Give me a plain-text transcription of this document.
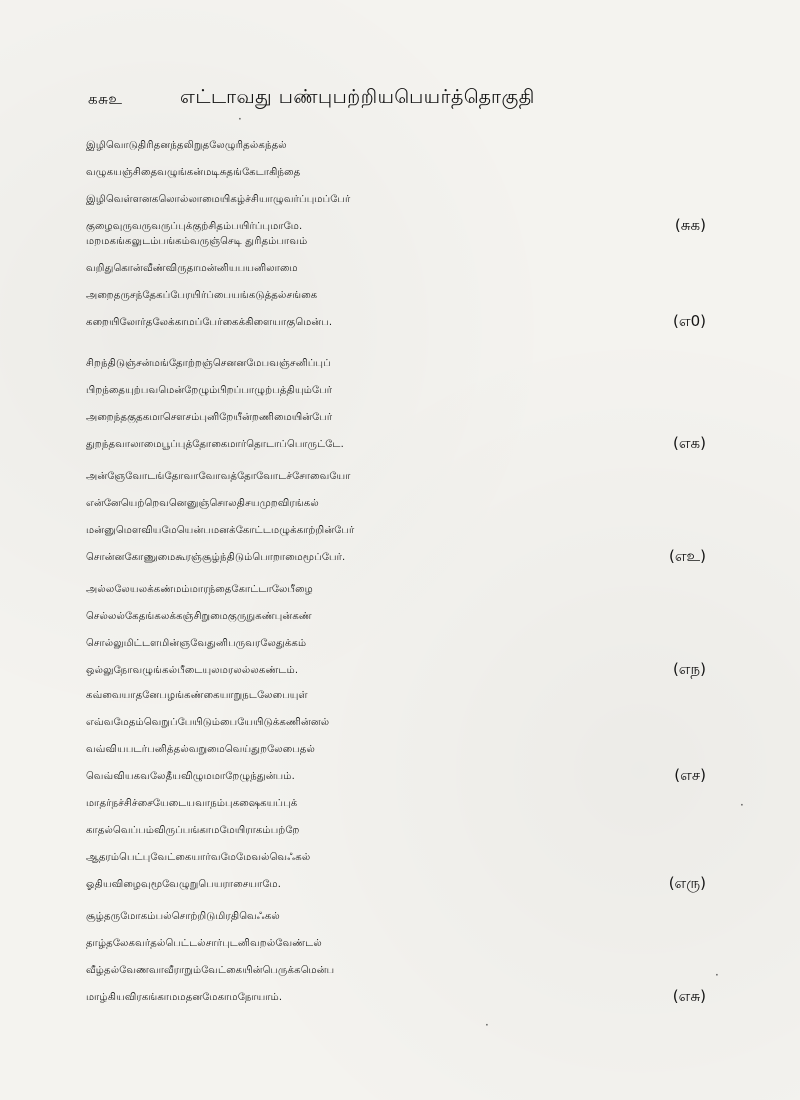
கசுஉ	எட்டாவது பண்புபற்றியபெயர்த்தொகுதி
இழிவொடுதிரிதனந்தலிறுதலேழுரிதல்கந்தல்
வழுகயஞ்சிதைவழுங்கன்மடிசுதங்கேடாகிந்தை
இழிவெள்ளனகலொல்லாமையிகழ்ச்சியாழுவர்ப்புமப்பேர்
குழைவுருவருவருப்புக்குற்சிதம்பயிர்ப்புமாமே.	(சுக)
மறமகங்கலுடம்பங்கம்வருஞ்செடி துரிதம்பாவம்
வறிதுகொன்வீண்விருதாமன்னியபயனிலாமை
அறைதருசந்தேகப்பேரயிர்ப்பையங்கடுத்தல்சங்கை
கறையிலோர்தலேக்காமப்பேர்கைக்கிளையாகுமென்ப.	(எ0)
சிறந்திடுஞ்சன்மங்தோற்றஞ்செனனமேபவஞ்சனிப்புப்
பிறந்தையுற்பவமென்றேழும்பிறப்பாழுற்பத்தியும்பேர்
அறைந்தகுதகமாசௌசம்புனிறேயீன்றணிமையின்பேர்
துறந்தவாலாமைபூப்புத்தோகைமார்தொடாப்பொருட்டே.	(எக)
அன்ஞேவோடங்தோவாவோவத்தோவோடச்சோவையோ
என்னேயெற்றெவனெனுஞ்சொலதிசயமுறவிரங்கல்
மன்னுமெளவியமேயென்பமனக்கோட்டமழுக்காற்றின்பேர்
சொன்னகோணுமைகூரஞ்சூழ்ந்திடும்பொறாமைமூப்பேர்.	(எஉ)
அல்லலேயலக்கண்மம்மாரந்தைகோட்டாலேபீழை
செல்லல்கேதங்கலக்கஞ்சிறுமைகுருநுகண்புன்கண்
சொல்லுமிட்டளமின்ஞவேதுனிபருவரலேதுக்கம்
ஒல்லுநோவழுங்கல்பீடையுலமரலல்லகண்டம்.	(எந)
கவ்வையாதனேபழங்கண்கையாறுநடலேபையுள்
எவ்வமேதம்வெறுப்பேயிடும்பையேயிடுக்கணின்னல்
வவ்வியபடர்பனித்தல்வறுமைவெய்துறலேபைதல்
வெவ்வியகவலேதீயவிழுமமாறேழுந்துன்பம்.	(எச)
மாதர்நச்சிச்சையேடையவாநம்புகஷைகயப்புக்
காதல்வெப்பம்விருப்பங்காமமேயிராகம்பற்றே
ஆதரம்பெட்புவேட்கையார்வமேமேவல்வெஃகல்
ஓதியவிழைவுமூவேழுறுபெயராசையாமே.	(எரு)
சூழ்தருமோகம்பல்சொற்றிடுமிரதிவெஃகல்
தாழ்தலேகவர்தல்பெட்டல்சார்புடனிவறல்வேண்டல்
வீழ்தல்வேணவாவீராறும்வேட்கையின்பெருக்கமென்ப
மாழ்கியவிரகங்காமமதனமேகாமநோயாம்.	(எசு)
·
·
·
·
